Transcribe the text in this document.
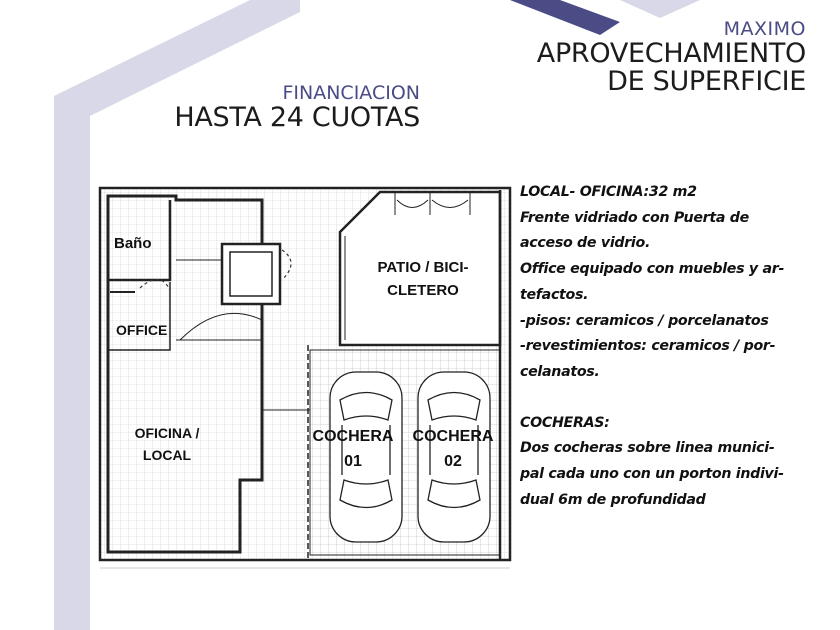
MAXIMO
APROVECHAMIENTO
DE SUPERFICIE
FINANCIACION
HASTA 24 CUOTAS
Baño
OFFICE
OFICINA /
LOCAL
PATIO / BICI-
CLETERO
COCHERA
01
COCHERA
02

LOCAL- OFICINA:32 m2

Frente vidriado con Puerta de

acceso de vidrio.

Office equipado con muebles y ar-

tefactos.

-pisos: ceramicos / porcelanatos

-revestimientos: ceramicos / por-

celanatos.

COCHERAS:

Dos cocheras sobre linea munici-

pal cada uno con un porton indivi-

dual 6m de profundidad
